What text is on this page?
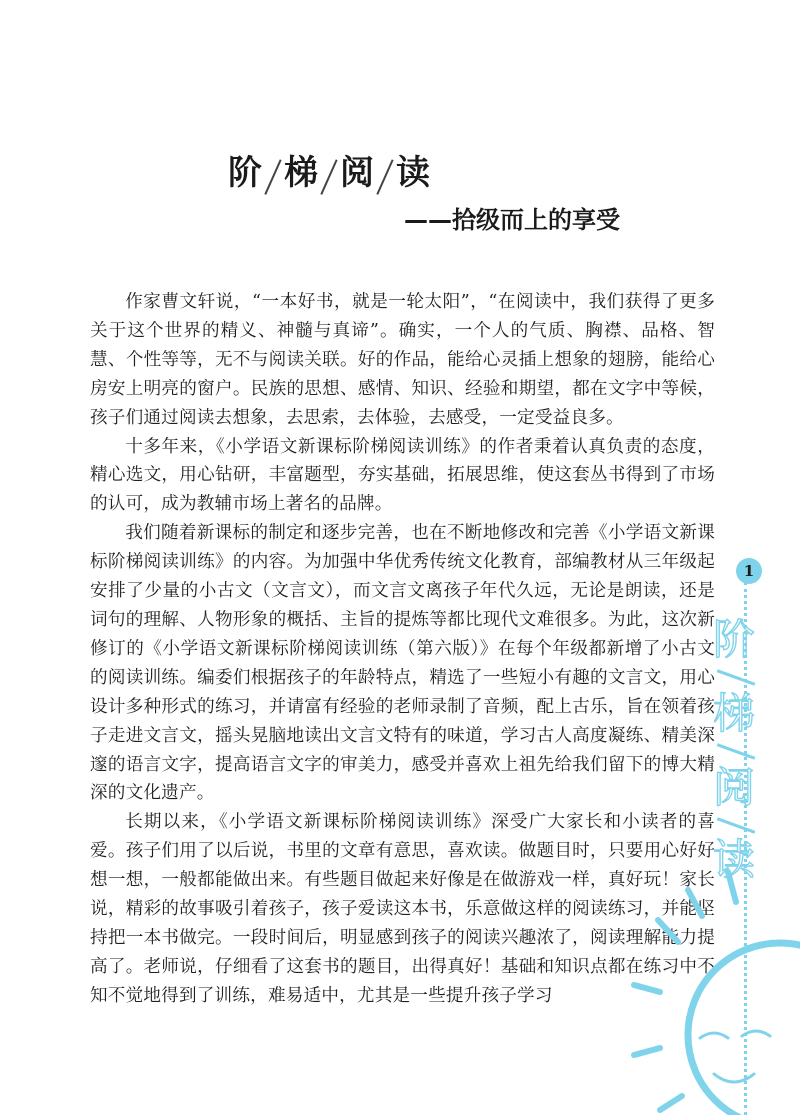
阶 梯 阅 读
——拾级而上的享受

作家曹文轩说，“一本好书，就是一轮太阳”，“在阅读中，我们获得了更多关于这个世界的精义、神髓与真谛”。确实，一个人的气质、胸襟、品格、智慧、个性等等，无不与阅读关联。好的作品，能给心灵插上想象的翅膀，能给心房安上明亮的窗户。民族的思想、感情、知识、经验和期望，都在文字中等候，孩子们通过阅读去想象，去思索，去体验，去感受，一定受益良多。

十多年来，《小学语文新课标阶梯阅读训练》的作者秉着认真负责的态度，精心选文，用心钻研，丰富题型，夯实基础，拓展思维，使这套丛书得到了市场的认可，成为教辅市场上著名的品牌。

我们随着新课标的制定和逐步完善，也在不断地修改和完善《小学语文新课标阶梯阅读训练》的内容。为加强中华优秀传统文化教育，部编教材从三年级起安排了少量的小古文（文言文），而文言文离孩子年代久远，无论是朗读，还是词句的理解、人物形象的概括、主旨的提炼等都比现代文难很多。为此，这次新修订的《小学语文新课标阶梯阅读训练（第六版）》在每个年级都新增了小古文的阅读训练。编委们根据孩子的年龄特点，精选了一些短小有趣的文言文，用心设计多种形式的练习，并请富有经验的老师录制了音频，配上古乐，旨在领着孩子走进文言文，摇头晃脑地读出文言文特有的味道，学习古人高度凝练、精美深邃的语言文字，提高语言文字的审美力，感受并喜欢上祖先给我们留下的博大精深的文化遗产。

长期以来，《小学语文新课标阶梯阅读训练》深受广大家长和小读者的喜爱。孩子们用了以后说，书里的文章有意思，喜欢读。做题目时，只要用心好好想一想，一般都能做出来。有些题目做起来好像是在做游戏一样，真好玩！家长说，精彩的故事吸引着孩子，孩子爱读这本书，乐意做这样的阅读练习，并能坚持把一本书做完。一段时间后，明显感到孩子的阅读兴趣浓了，阅读理解能力提高了。老师说，仔细看了这套书的题目，出得真好！基础和知识点都在练习中不知不觉地得到了训练，难易适中，尤其是一些提升孩子学习

1
阶
梯
阅
读
